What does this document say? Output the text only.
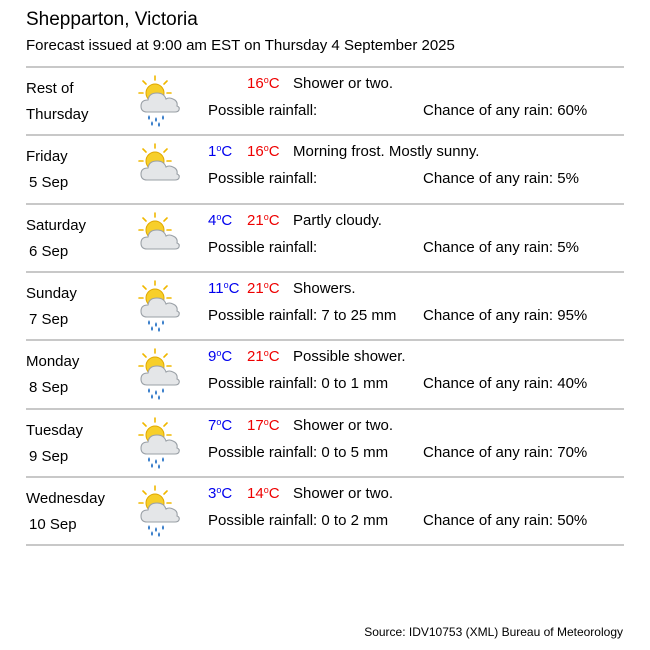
Shepparton, Victoria
Forecast issued at 9:00 am EST on Thursday 4 September 2025
Rest of
Thursday
16$^o$C Shower or two.
Possible rainfall:	Chance of any rain: 60%
Friday
5 Sep
1$^o$C 16$^o$C Morning frost. Mostly sunny.
Possible rainfall:	Chance of any rain: 5%
Saturday
6 Sep
4$^o$C 21$^o$C Partly cloudy.
Possible rainfall:	Chance of any rain: 5%
Sunday
7 Sep
11$^o$C 21$^o$C Showers.
Possible rainfall: 7 to 25 mm Chance of any rain: 95%
Monday
8 Sep
9$^o$C 21$^o$C Possible shower.
Possible rainfall: 0 to 1 mm Chance of any rain: 40%
Tuesday
9 Sep
7$^o$C 17$^o$C Shower or two.
Possible rainfall: 0 to 5 mm Chance of any rain: 70%
Wednesday
10 Sep
3$^o$C 14$^o$C Shower or two.
Possible rainfall: 0 to 2 mm Chance of any rain: 50%
Source: IDV10753 (XML) Bureau of Meteorology
